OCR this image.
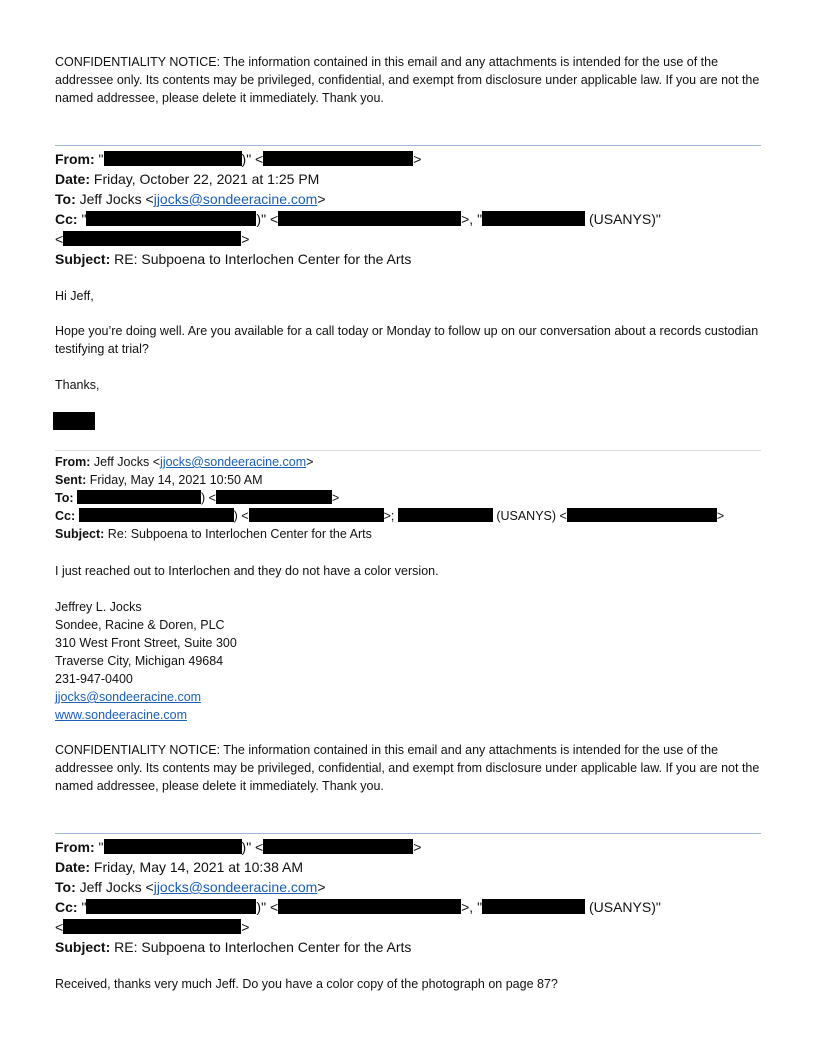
CONFIDENTIALITY NOTICE: The information contained in this email and any attachments is intended for the use of the addressee only. Its contents may be privileged, confidential, and exempt from disclosure under applicable law. If you are not the named addressee, please delete it immediately. Thank you.

From: "	)" <	>
Date: Friday, October 22, 2021 at 1:25 PM
To: Jeff Jocks <jjocks@sondeeracine.com>
Cc: "	)" <	>, "	(USANYS)"
<	>
Subject: RE: Subpoena to Interlochen Center for the Arts

Hi Jeff,

Hope you’re doing well. Are you available for a call today or Monday to follow up on our conversation about a records custodian testifying at trial?

Thanks,

From: Jeff Jocks <jjocks@sondeeracine.com>
Sent: Friday, May 14, 2021 10:50 AM
To:	) <	>
Cc:	) <	>;	(USANYS) <	>
Subject: Re: Subpoena to Interlochen Center for the Arts

I just reached out to Interlochen and they do not have a color version.

Jeffrey L. Jocks
Sondee, Racine & Doren, PLC
310 West Front Street, Suite 300
Traverse City, Michigan 49684
231-947-0400
jjocks@sondeeracine.com
www.sondeeracine.com

CONFIDENTIALITY NOTICE: The information contained in this email and any attachments is intended for the use of the addressee only. Its contents may be privileged, confidential, and exempt from disclosure under applicable law. If you are not the named addressee, please delete it immediately. Thank you.

From: "	)" <	>
Date: Friday, May 14, 2021 at 10:38 AM
To: Jeff Jocks <jjocks@sondeeracine.com>
Cc: "	)" <	>, "	(USANYS)"
<	>
Subject: RE: Subpoena to Interlochen Center for the Arts

Received, thanks very much Jeff. Do you have a color copy of the photograph on page 87?
